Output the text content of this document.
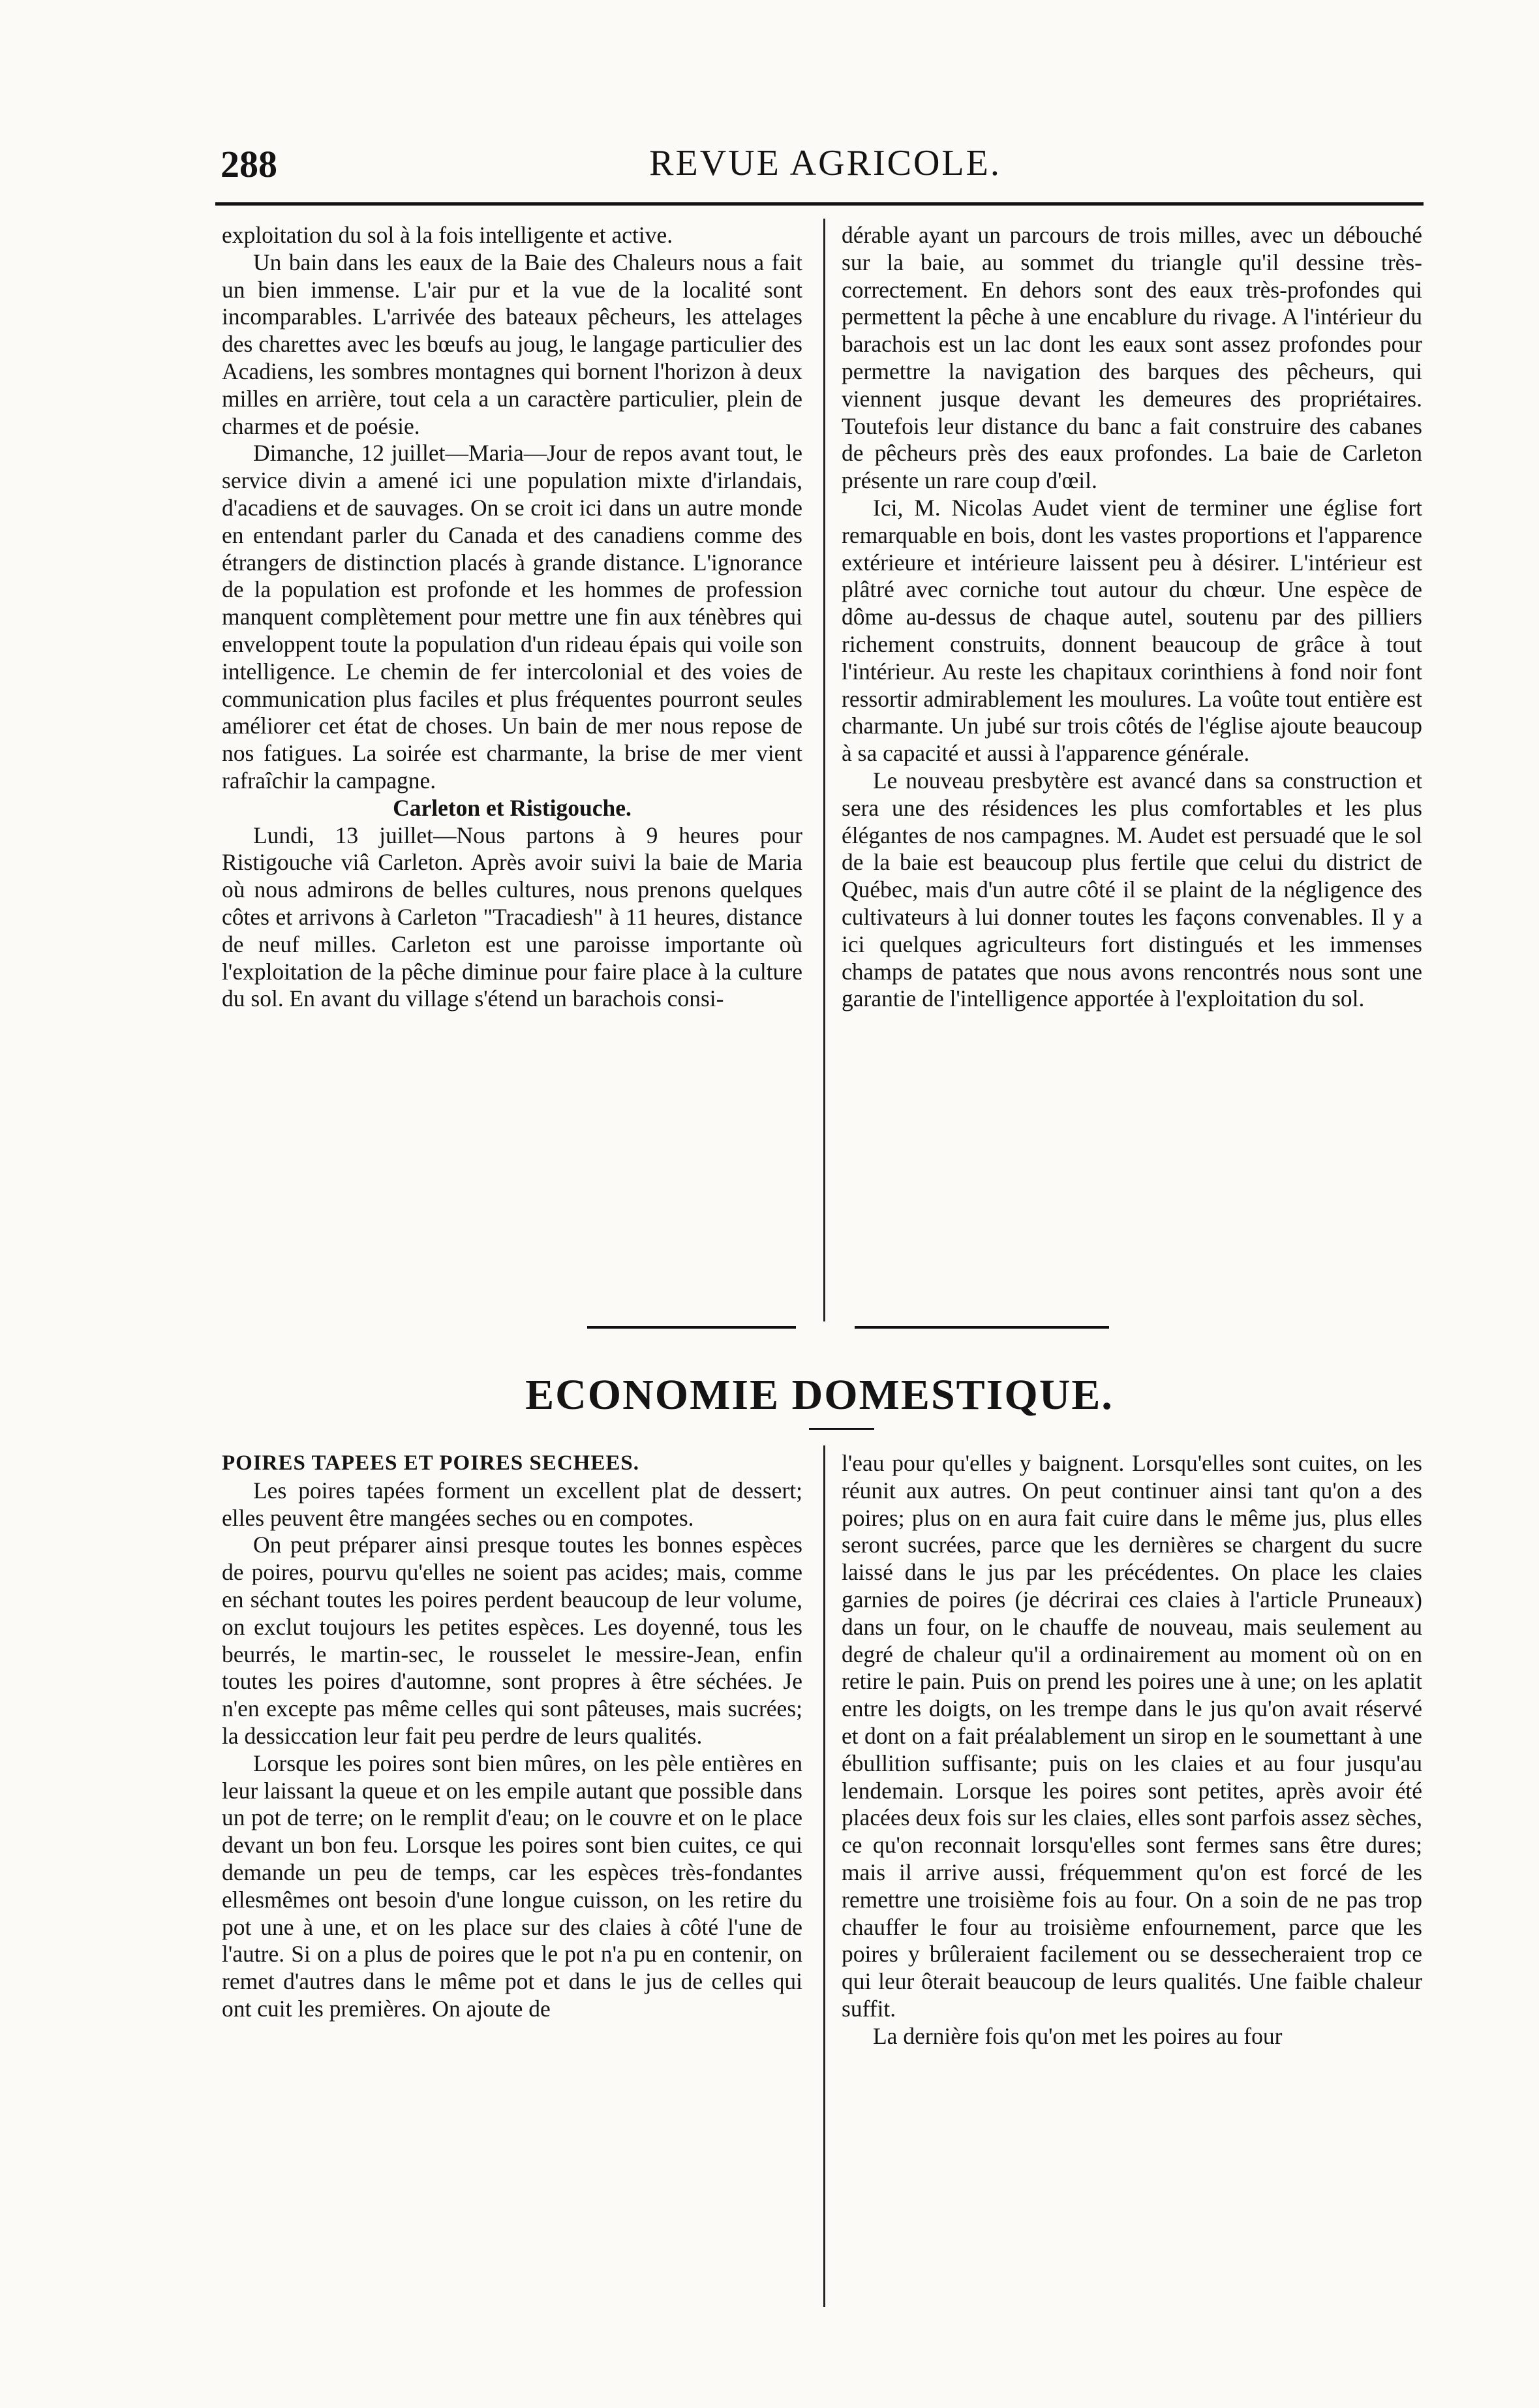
288	REVUE AGRICOLE.

exploitation du sol à la fois intelligente et active.

Un bain dans les eaux de la Baie des Chaleurs nous a fait un bien immense. L'air pur et la vue de la localité sont incomparables. L'arrivée des bateaux pêcheurs, les attelages des charettes avec les bœufs au joug, le langage particulier des Acadiens, les sombres montagnes qui bornent l'horizon à deux milles en arrière, tout cela a un caractère particulier, plein de charmes et de poésie.

Dimanche, 12 juillet—Maria—Jour de repos avant tout, le service divin a amené ici une population mixte d'irlandais, d'acadiens et de sauvages. On se croit ici dans un autre monde en entendant parler du Canada et des canadiens comme des étrangers de distinction placés à grande distance. L'ignorance de la population est profonde et les hommes de profession manquent complètement pour mettre une fin aux ténèbres qui enveloppent toute la population d'un rideau épais qui voile son intelligence. Le chemin de fer intercolonial et des voies de communication plus faciles et plus fréquentes pourront seules améliorer cet état de choses. Un bain de mer nous repose de nos fatigues. La soirée est charmante, la brise de mer vient rafraîchir la campagne.

Carleton et Ristigouche.

Lundi, 13 juillet—Nous partons à 9 heures pour Ristigouche viâ Carleton. Après avoir suivi la baie de Maria où nous admirons de belles cultures, nous prenons quelques côtes et arrivons à Carleton "Tracadiesh" à 11 heures, distance de neuf milles. Carleton est une paroisse importante où l'exploitation de la pêche diminue pour faire place à la culture du sol. En avant du village s'étend un barachois consi-

dérable ayant un parcours de trois milles, avec un débouché sur la baie, au sommet du triangle qu'il dessine très-correctement. En dehors sont des eaux très-profondes qui permettent la pêche à une encablure du rivage. A l'intérieur du barachois est un lac dont les eaux sont assez profondes pour permettre la navigation des barques des pêcheurs, qui viennent jusque devant les demeures des propriétaires. Toutefois leur distance du banc a fait construire des cabanes de pêcheurs près des eaux profondes. La baie de Carleton présente un rare coup d'œil.

Ici, M. Nicolas Audet vient de terminer une église fort remarquable en bois, dont les vastes proportions et l'apparence extérieure et intérieure laissent peu à désirer. L'intérieur est plâtré avec corniche tout autour du chœur. Une espèce de dôme au-dessus de chaque autel, soutenu par des pilliers richement construits, donnent beaucoup de grâce à tout l'intérieur. Au reste les chapitaux corinthiens à fond noir font ressortir admirablement les moulures. La voûte tout entière est charmante. Un jubé sur trois côtés de l'église ajoute beaucoup à sa capacité et aussi à l'apparence générale.

Le nouveau presbytère est avancé dans sa construction et sera une des résidences les plus comfortables et les plus élégantes de nos campagnes. M. Audet est persuadé que le sol de la baie est beaucoup plus fertile que celui du district de Québec, mais d'un autre côté il se plaint de la négligence des cultivateurs à lui donner toutes les façons convenables. Il y a ici quelques agriculteurs fort distingués et les immenses champs de patates que nous avons rencontrés nous sont une garantie de l'intelligence apportée à l'exploitation du sol.

ECONOMIE DOMESTIQUE.

POIRES TAPEES ET POIRES SECHEES.

Les poires tapées forment un excellent plat de dessert; elles peuvent être mangées seches ou en compotes.

On peut préparer ainsi presque toutes les bonnes espèces de poires, pourvu qu'elles ne soient pas acides; mais, comme en séchant toutes les poires perdent beaucoup de leur volume, on exclut toujours les petites espèces. Les doyenné, tous les beurrés, le martin-sec, le rousselet le messire-Jean, enfin toutes les poires d'automne, sont propres à être séchées. Je n'en excepte pas même celles qui sont pâteuses, mais sucrées; la dessiccation leur fait peu perdre de leurs qualités.

Lorsque les poires sont bien mûres, on les pèle entières en leur laissant la queue et on les empile autant que possible dans un pot de terre; on le remplit d'eau; on le couvre et on le place devant un bon feu. Lorsque les poires sont bien cuites, ce qui demande un peu de temps, car les espèces très-fondantes ellesmêmes ont besoin d'une longue cuisson, on les retire du pot une à une, et on les place sur des claies à côté l'une de l'autre. Si on a plus de poires que le pot n'a pu en contenir, on remet d'autres dans le même pot et dans le jus de celles qui ont cuit les premières. On ajoute de

l'eau pour qu'elles y baignent. Lorsqu'elles sont cuites, on les réunit aux autres. On peut continuer ainsi tant qu'on a des poires; plus on en aura fait cuire dans le même jus, plus elles seront sucrées, parce que les dernières se chargent du sucre laissé dans le jus par les précédentes. On place les claies garnies de poires (je décrirai ces claies à l'article Pruneaux) dans un four, on le chauffe de nouveau, mais seulement au degré de chaleur qu'il a ordinairement au moment où on en retire le pain. Puis on prend les poires une à une; on les aplatit entre les doigts, on les trempe dans le jus qu'on avait réservé et dont on a fait préalablement un sirop en le soumettant à une ébullition suffisante; puis on les claies et au four jusqu'au lendemain. Lorsque les poires sont petites, après avoir été placées deux fois sur les claies, elles sont parfois assez sèches, ce qu'on reconnait lorsqu'elles sont fermes sans être dures; mais il arrive aussi, fréquemment qu'on est forcé de les remettre une troisième fois au four. On a soin de ne pas trop chauffer le four au troisième enfournement, parce que les poires y brûleraient facilement ou se dessecheraient trop ce qui leur ôterait beaucoup de leurs qualités. Une faible chaleur suffit.

La dernière fois qu'on met les poires au four
